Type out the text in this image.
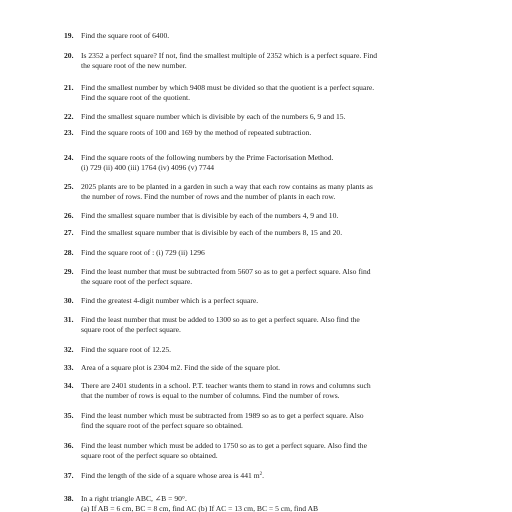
19. Find the square root of 6400.
20. Is 2352 a perfect square? If not, find the smallest multiple of 2352 which is a perfect square. Find
the square root of the new number.
21. Find the smallest number by which 9408 must be divided so that the quotient is a perfect square.
Find the square root of the quotient.
22. Find the smallest square number which is divisible by each of the numbers 6, 9 and 15.
23. Find the square roots of 100 and 169 by the method of repeated subtraction.
24. Find the square roots of the following numbers by the Prime Factorisation Method.
(i) 729 (ii) 400 (iii) 1764 (iv) 4096 (v) 7744
25. 2025 plants are to be planted in a garden in such a way that each row contains as many plants as
the number of rows. Find the number of rows and the number of plants in each row.
26. Find the smallest square number that is divisible by each of the numbers 4, 9 and 10.
27. Find the smallest square number that is divisible by each of the numbers 8, 15 and 20.
28. Find the square root of : (i) 729 (ii) 1296
29. Find the least number that must be subtracted from 5607 so as to get a perfect square. Also find
the square root of the perfect square.
30. Find the greatest 4-digit number which is a perfect square.
31. Find the least number that must be added to 1300 so as to get a perfect square. Also find the
square root of the perfect square.
32. Find the square root of 12.25.
33. Area of a square plot is 2304 m2. Find the side of the square plot.
34. There are 2401 students in a school. P.T. teacher wants them to stand in rows and columns such
that the number of rows is equal to the number of columns. Find the number of rows.
35. Find the least number which must be subtracted from 1989 so as to get a perfect square. Also
find the square root of the perfect square so obtained.
36. Find the least number which must be added to 1750 so as to get a perfect square. Also find the
square root of the perfect square so obtained.
37. Find the length of the side of a square whose area is 441 $m^2$.
38. In a right triangle ABC, ∠B = 90°.
(a) If AB = 6 cm, BC = 8 cm, find AC (b) If AC = 13 cm, BC = 5 cm, find AB
